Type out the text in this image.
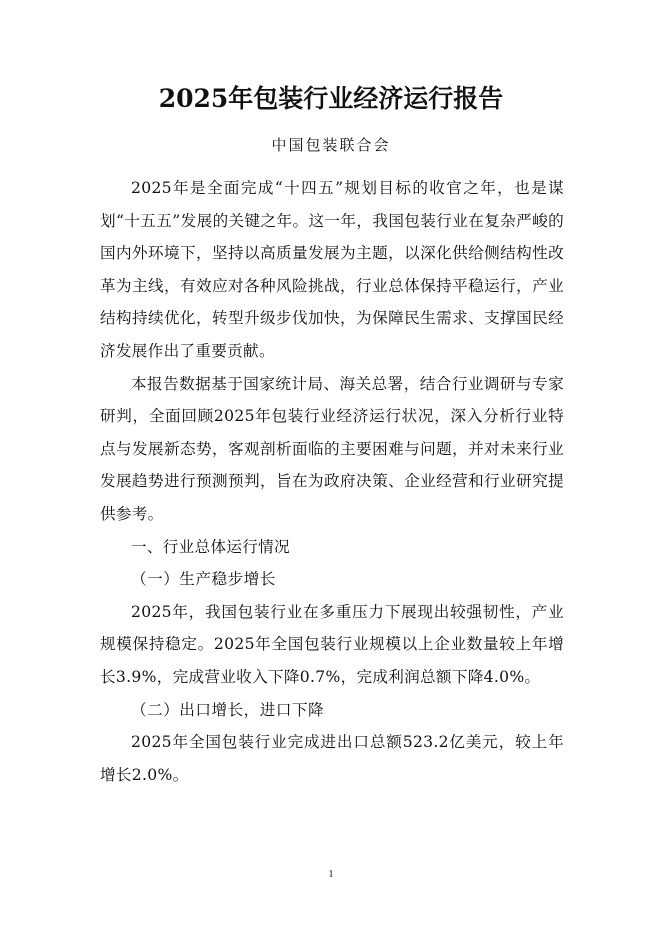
2025年包装行业经济运行报告
中国包装联合会

2025年是全面完成“十四五”规划目标的收官之年，也是谋划“十五五”发展的关键之年。这一年，我国包装行业在复杂严峻的国内外环境下，坚持以高质量发展为主题，以深化供给侧结构性改革为主线，有效应对各种风险挑战，行业总体保持平稳运行，产业结构持续优化，转型升级步伐加快，为保障民生需求、支撑国民经济发展作出了重要贡献。

本报告数据基于国家统计局、海关总署，结合行业调研与专家研判，全面回顾2025年包装行业经济运行状况，深入分析行业特点与发展新态势，客观剖析面临的主要困难与问题，并对未来行业发展趋势进行预测预判，旨在为政府决策、企业经营和行业研究提供参考。

一、行业总体运行情况

（一）生产稳步增长

2025年，我国包装行业在多重压力下展现出较强韧性，产业规模保持稳定。2025年全国包装行业规模以上企业数量较上年增长3.9%，完成营业收入下降0.7%，完成利润总额下降4.0%。

（二）出口增长，进口下降

2025年全国包装行业完成进出口总额523.2亿美元，较上年增长2.0%。

1
